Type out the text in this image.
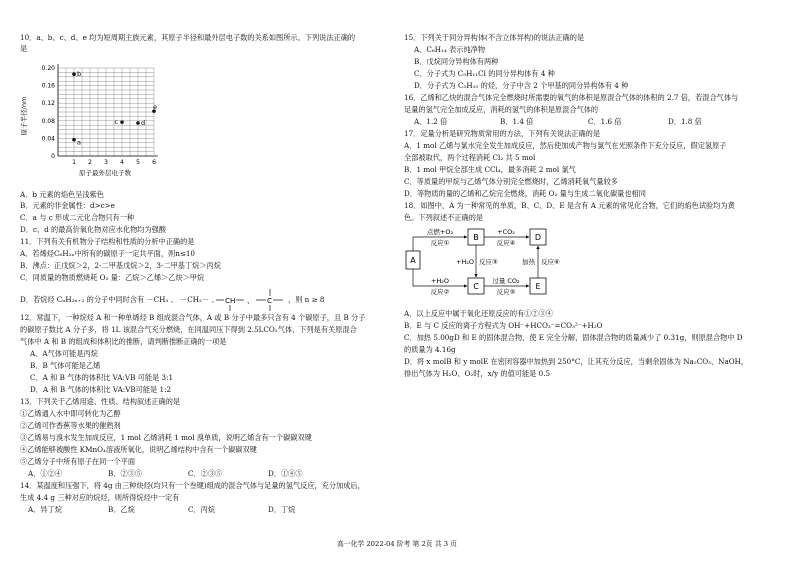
10．a、b、c、d、e 均为短周期主族元素，其原子半径和最外层电子数的关系如图所示。下列说法正确的
是
原子半径/nm
原子最外层电子数
1 2 3 4 5 6
0
0.04
0.08
0.12
0.16
0.20
a
b
c	d
e
A．b 元素的焰色呈浅紫色
B．元素的非金属性：d>c>e
C．a 与 c 形成二元化合物只有一种
D．c、d 的最高价氧化物对应水化物均为强酸
11．下列有关有机物分子结构和性质的分析中正确的是
A．若烯烃C₆H₂ₙ中所有的碳原子一定共平面，则n≤10
B．沸点：正戊烷＞2，2-二甲基戊烷＞2，3-二甲基丁烷＞丙烷
C．同质量的物质燃烧耗 O₂ 量：乙烷＞乙烯＞乙炔＞甲烷
D．若烷烃 CₙH₂ₙ₊₂ 的分子中同时含有 －CH₃ 、 －CH₂－ 、 CH 、 C ，则 n ≥ 8
12．常温下，一种烷烃 A 和一种单烯烃 B 组成混合气体，A 或 B 分子中最多只含有 4 个碳原子，且 B 分子
的碳原子数比 A 分子多，将 1L 该混合气充分燃烧，在同温同压下得到 2.5LCO₂气体，下列是有关原混合
气体中 A 和 B 的组成和体积比的推断，请判断推断正确的一项是
A．A气体可能是丙烷
B．B 气体可能是乙烯
C．A 和 B 气体的体积比 VA:VB 可能是 3:1
D．A 和 B 气体的体积比 VA:VB可能是 1:2
13．下列关于乙烯用途、性质、结构叙述正确的是
①乙烯通入水中即可转化为乙醇
②乙烯可作香蕉等水果的催熟剂
③乙烯易与溴水发生加成反应，1 mol 乙烯消耗 1 mol 溴单质，说明乙烯含有一个碳碳双键
④乙烯能够被酸性 KMnO₄溶液所氧化，说明乙烯结构中含有一个碳碳双键
⑤乙烯分子中所有原子在同一个平面
A．①②④	B．②③⑤	C．②③⑤	D．①④⑤
14．某温度和压强下，将 4g 由三种炔烃(均只有一个叁键)组成的混合气体与足量的氢气反应，充分加成后，
生成 4.4 g 三种对应的烷烃，则所得烷烃中一定有
A．异丁烷	B．乙烷	C．丙烷	D．丁烷
15．下列关于同分异构体(不含立体异构)的说法正确的是
A．C₆H₁₄ 表示纯净物
B．戊烷同分异构体有两种
C．分子式为 C₅H₁₁Cl 的同分异构体有 4 种
D．分子式为 C₅H₁₀ 的烃，分子中含 2 个甲基的同分异构体有 4 种
16．乙烯和乙炔的混合气体完全燃烧时所需要的氧气的体积是原混合气体的体积的 2.7 倍，若混合气体与
足量的氢气完全加成反应，消耗的氢气的体积是原混合气体的
A．1.2 倍	B．1.4 倍	C．1.6 倍	D．1.8 倍
17．定量分析是研究物质常用的方法，下列有关说法正确的是
A．1 mol 乙烯与氯水完全发生加成反应，然后使加成产物与氯气在光照条件下充分反应，假定氢原子
全部被取代，两个过程消耗 Cl₂ 共 5 mol
B．1 mol 甲烷全部生成 CCl₄，最多消耗 2 mol 氯气
C．等质量的甲烷与乙烯气体分别完全燃烧时，乙烯消耗氧气量较多
D．等物质的量的乙烯和乙烷完全燃烧，消耗 O₂ 量与生成二氧化碳量也相同
18．如图中，A 为一种常见的单质，B、C、D、E 是含有 A 元素的常见化合物，它们的焰色试验均为黄
色。下列叙述不正确的是
A
B	D
C	E
点燃+O₂
反应①
+H₂O
反应②
+CO₂
反应④
+H₂O 反应③
过量 CO₂
反应⑤
加热 反应⑥
A．以上反应中属于氧化还原反应的有①②③④
B．E 与 C 反应的离子方程式为 OH⁻+HCO₃⁻=CO₃²⁻+H₂O
C．加热 5.00gD 和 E 的固体混合物，使 E 完全分解，固体混合物的质量减少了 0.31g，则原混合物中 D
的质量为 4.16g
D．将 x molB 和 y molE 在密闭容器中加热到 250°C，让其充分反应，当剩余固体为 Na₂CO₃、NaOH，
排出气体为 H₂O、O₂时，x/y 的值可能是 0.5
高一化学 2022-04 阶考 第 2页 共 3 页
